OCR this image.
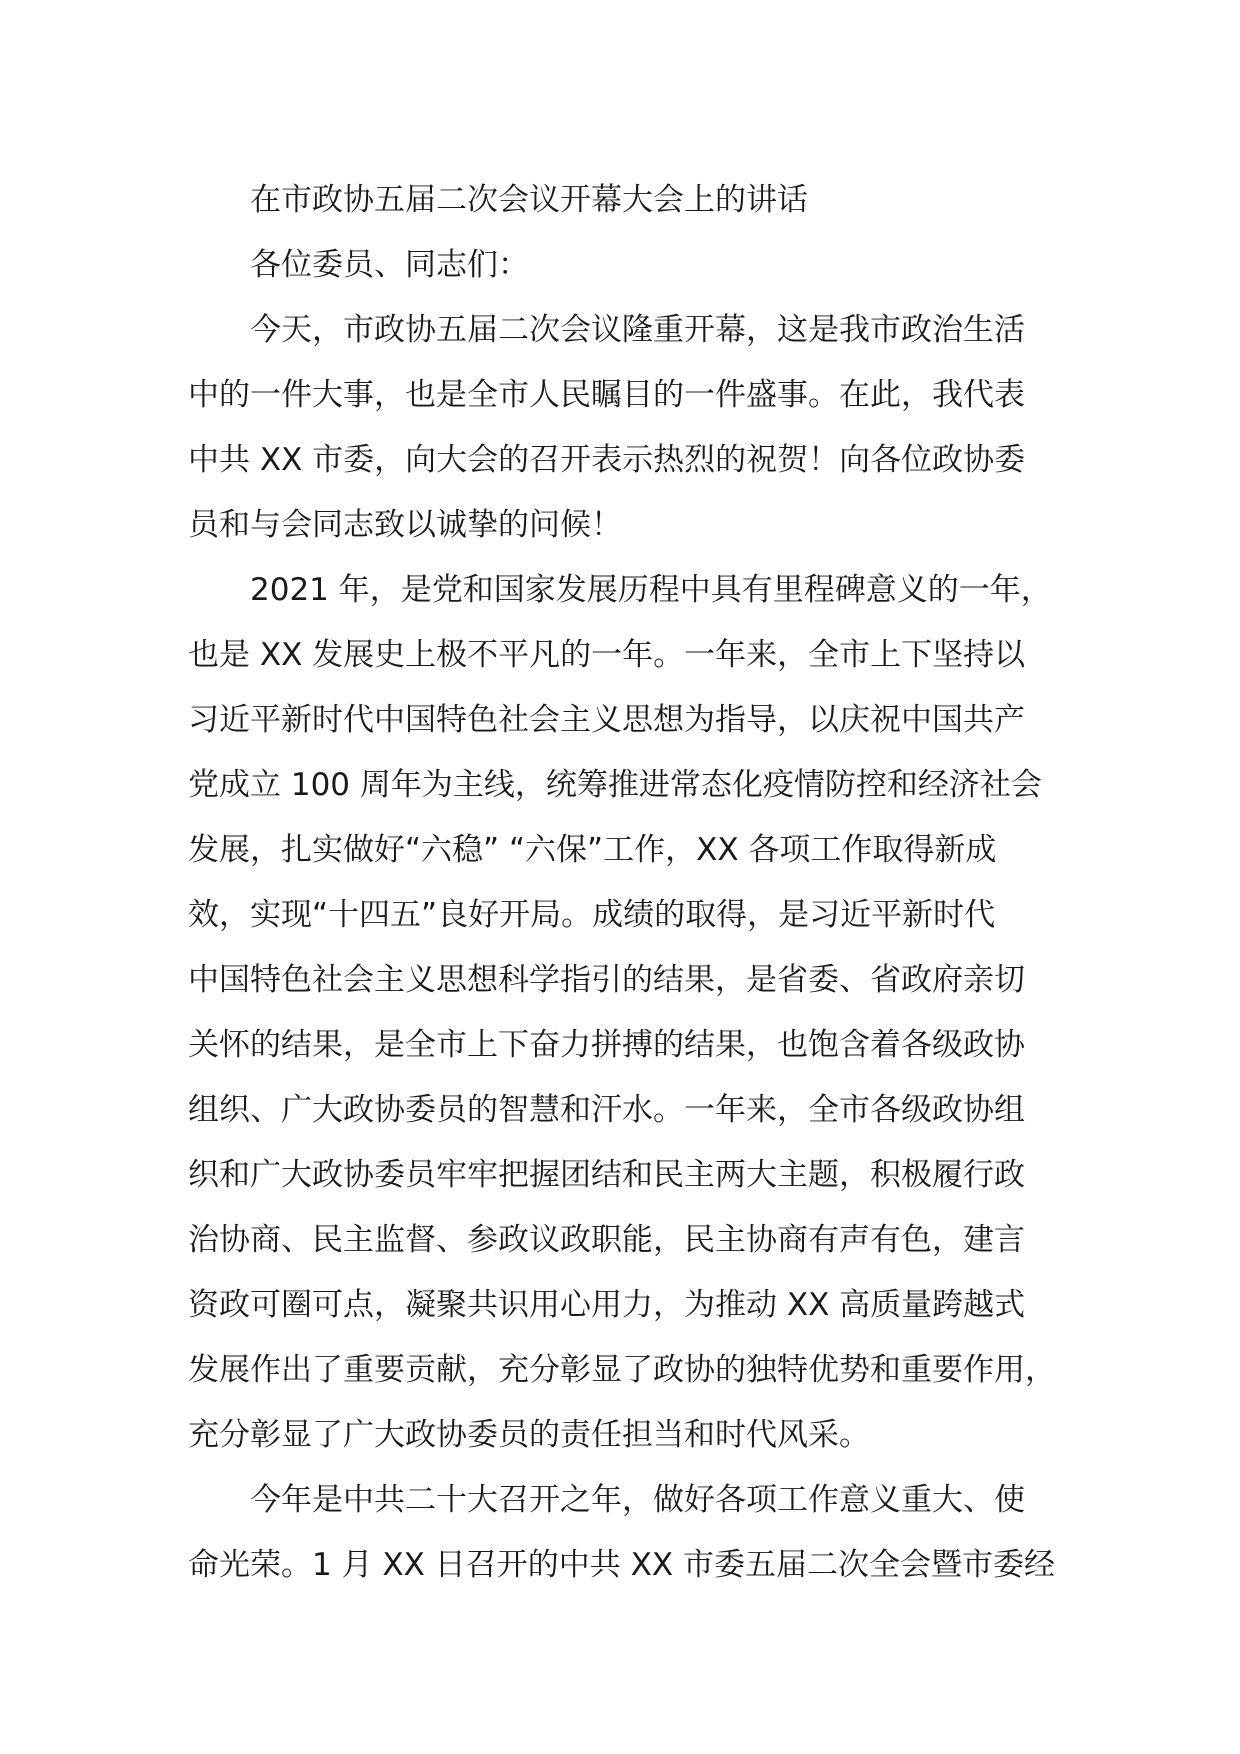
在市政协五届二次会议开幕大会上的讲话
各位委员、同志们：
今天，市政协五届二次会议隆重开幕，这是我市政治生活
中的一件大事，也是全市人民瞩目的一件盛事。在此，我代表
中共 XX 市委，向大会的召开表示热烈的祝贺！向各位政协委
员和与会同志致以诚挚的问候！
2021 年，是党和国家发展历程中具有里程碑意义的一年，
也是 XX 发展史上极不平凡的一年。一年来，全市上下坚持以
习近平新时代中国特色社会主义思想为指导，以庆祝中国共产
党成立 100 周年为主线，统筹推进常态化疫情防控和经济社会
发展，扎实做好“六稳” “六保”工作，XX 各项工作取得新成
效，实现“十四五”良好开局。成绩的取得，是习近平新时代
中国特色社会主义思想科学指引的结果，是省委、省政府亲切
关怀的结果，是全市上下奋力拼搏的结果，也饱含着各级政协
组织、广大政协委员的智慧和汗水。一年来，全市各级政协组
织和广大政协委员牢牢把握团结和民主两大主题，积极履行政
治协商、民主监督、参政议政职能，民主协商有声有色，建言
资政可圈可点，凝聚共识用心用力，为推动 XX 高质量跨越式
发展作出了重要贡献，充分彰显了政协的独特优势和重要作用，
充分彰显了广大政协委员的责任担当和时代风采。
今年是中共二十大召开之年，做好各项工作意义重大、使
命光荣。1 月 XX 日召开的中共 XX 市委五届二次全会暨市委经
